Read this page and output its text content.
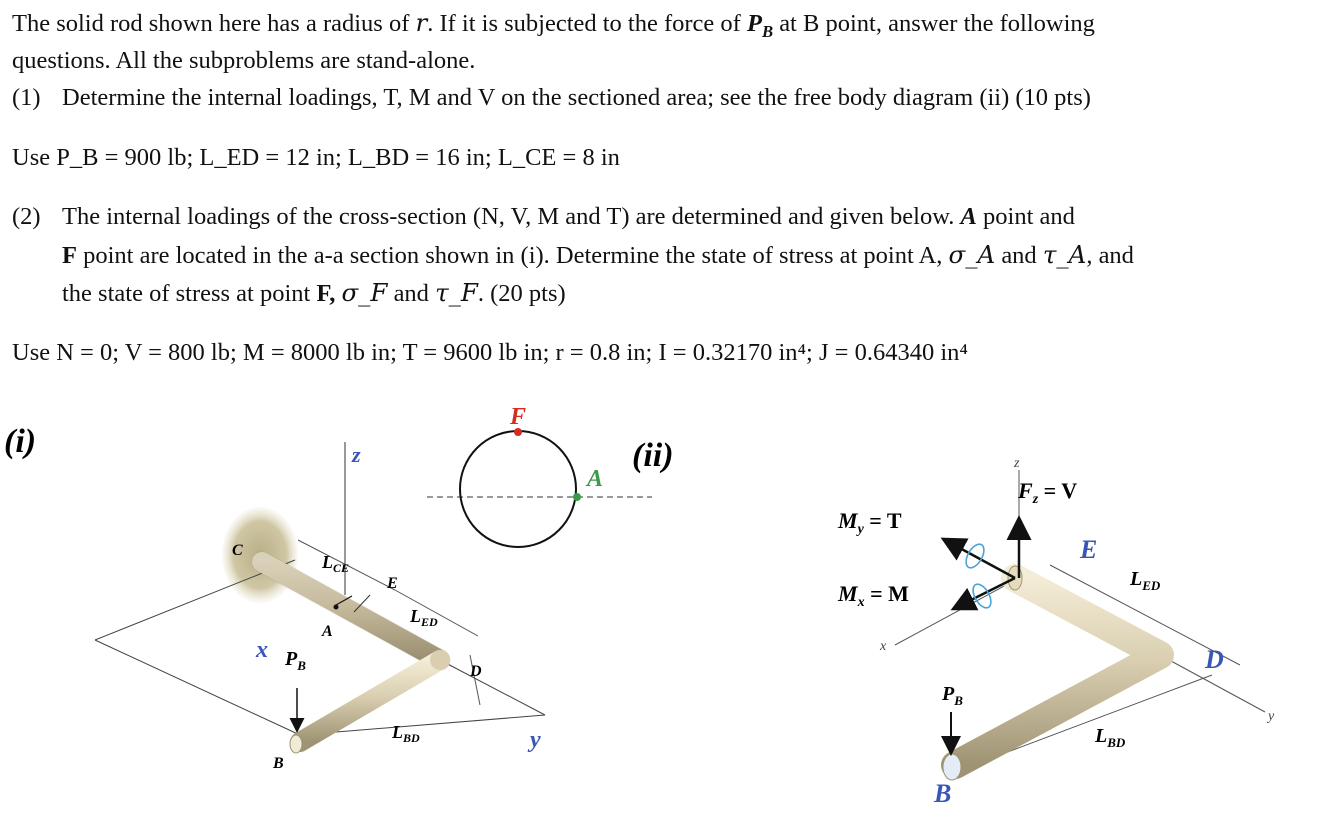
The solid rod shown here has a radius of r. If it is subjected to the force of $P_B$ at B point, answer the following
questions. All the subproblems are stand-alone.
(1) Determine the internal loadings, T, M and V on the sectioned area; see the free body diagram (ii) (10 pts)
Use P_B = 900 lb; L_ED = 12 in; L_BD = 16 in; L_CE = 8 in
(2) The internal loadings of the cross-section (N, V, M and T) are determined and given below. A point and
F point are located in the a-a section shown in (i). Determine the state of stress at point A, σ_A and τ_A, and
the state of stress at point F, σ_F and τ_F. (20 pts)
Use N = 0; V = 800 lb; M = 8000 lb in; T = 9600 lb in; r = 0.8 in; I = 0.32170 in⁴; J = 0.64340 in⁴
(i)	z
C
E
A
D
B
x
y
$L_{CE}$
$L_{ED}$
$L_{BD}$
$P_B$
F
A
(ii)	z
x
y
$F_z = V$
$M_y = T$
$M_x = M$
E
D
B
$L_{ED}$
$L_{BD}$
$P_B$
